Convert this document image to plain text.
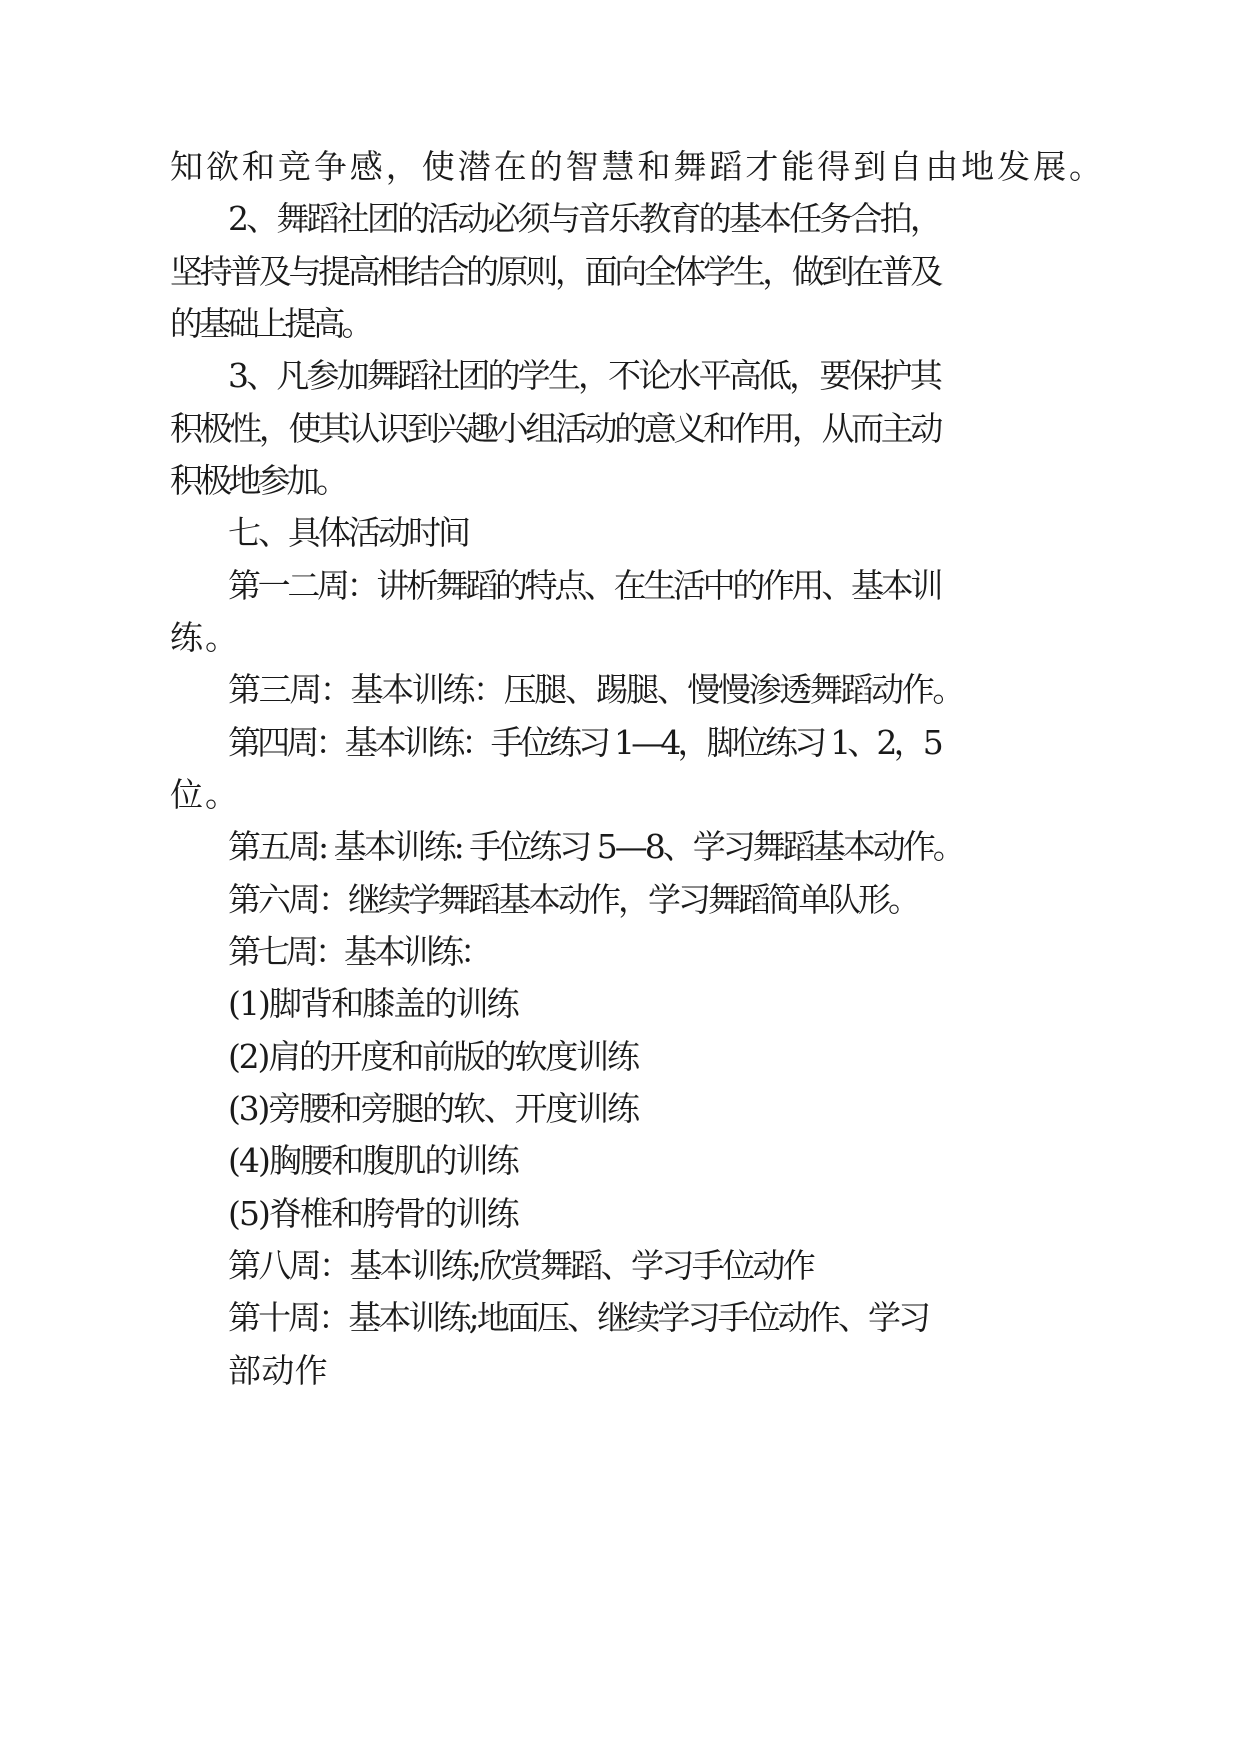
知欲和竞争感，使潜在的智慧和舞蹈才能得到自由地发展。

2、舞蹈社团的活动必须与音乐教育的基本任务合拍，

坚持普及与提高相结合的原则，面向全体学生，做到在普及

的基础上提高。

3、凡参加舞蹈社团的学生，不论水平高低，要保护其

积极性，使其认识到兴趣小组活动的意义和作用，从而主动

积极地参加。

七、具体活动时间

第一二周：讲析舞蹈的特点、在生活中的作用、基本训

练。

第三周：基本训练：压腿、踢腿、慢慢渗透舞蹈动作。

第四周：基本训练：手位练习 1—4，脚位练习 1、2，5

位。

第五周: 基本训练: 手位练习 5—8、学习舞蹈基本动作。

第六周：继续学舞蹈基本动作，学习舞蹈简单队形。

第七周：基本训练：

(1)脚背和膝盖的训练

(2)肩的开度和前版的软度训练

(3)旁腰和旁腿的软、开度训练

(4)胸腰和腹肌的训练

(5)脊椎和胯骨的训练

第八周：基本训练;欣赏舞蹈、学习手位动作

第十周：基本训练;地面压、继续学习手位动作、学习

部动作
